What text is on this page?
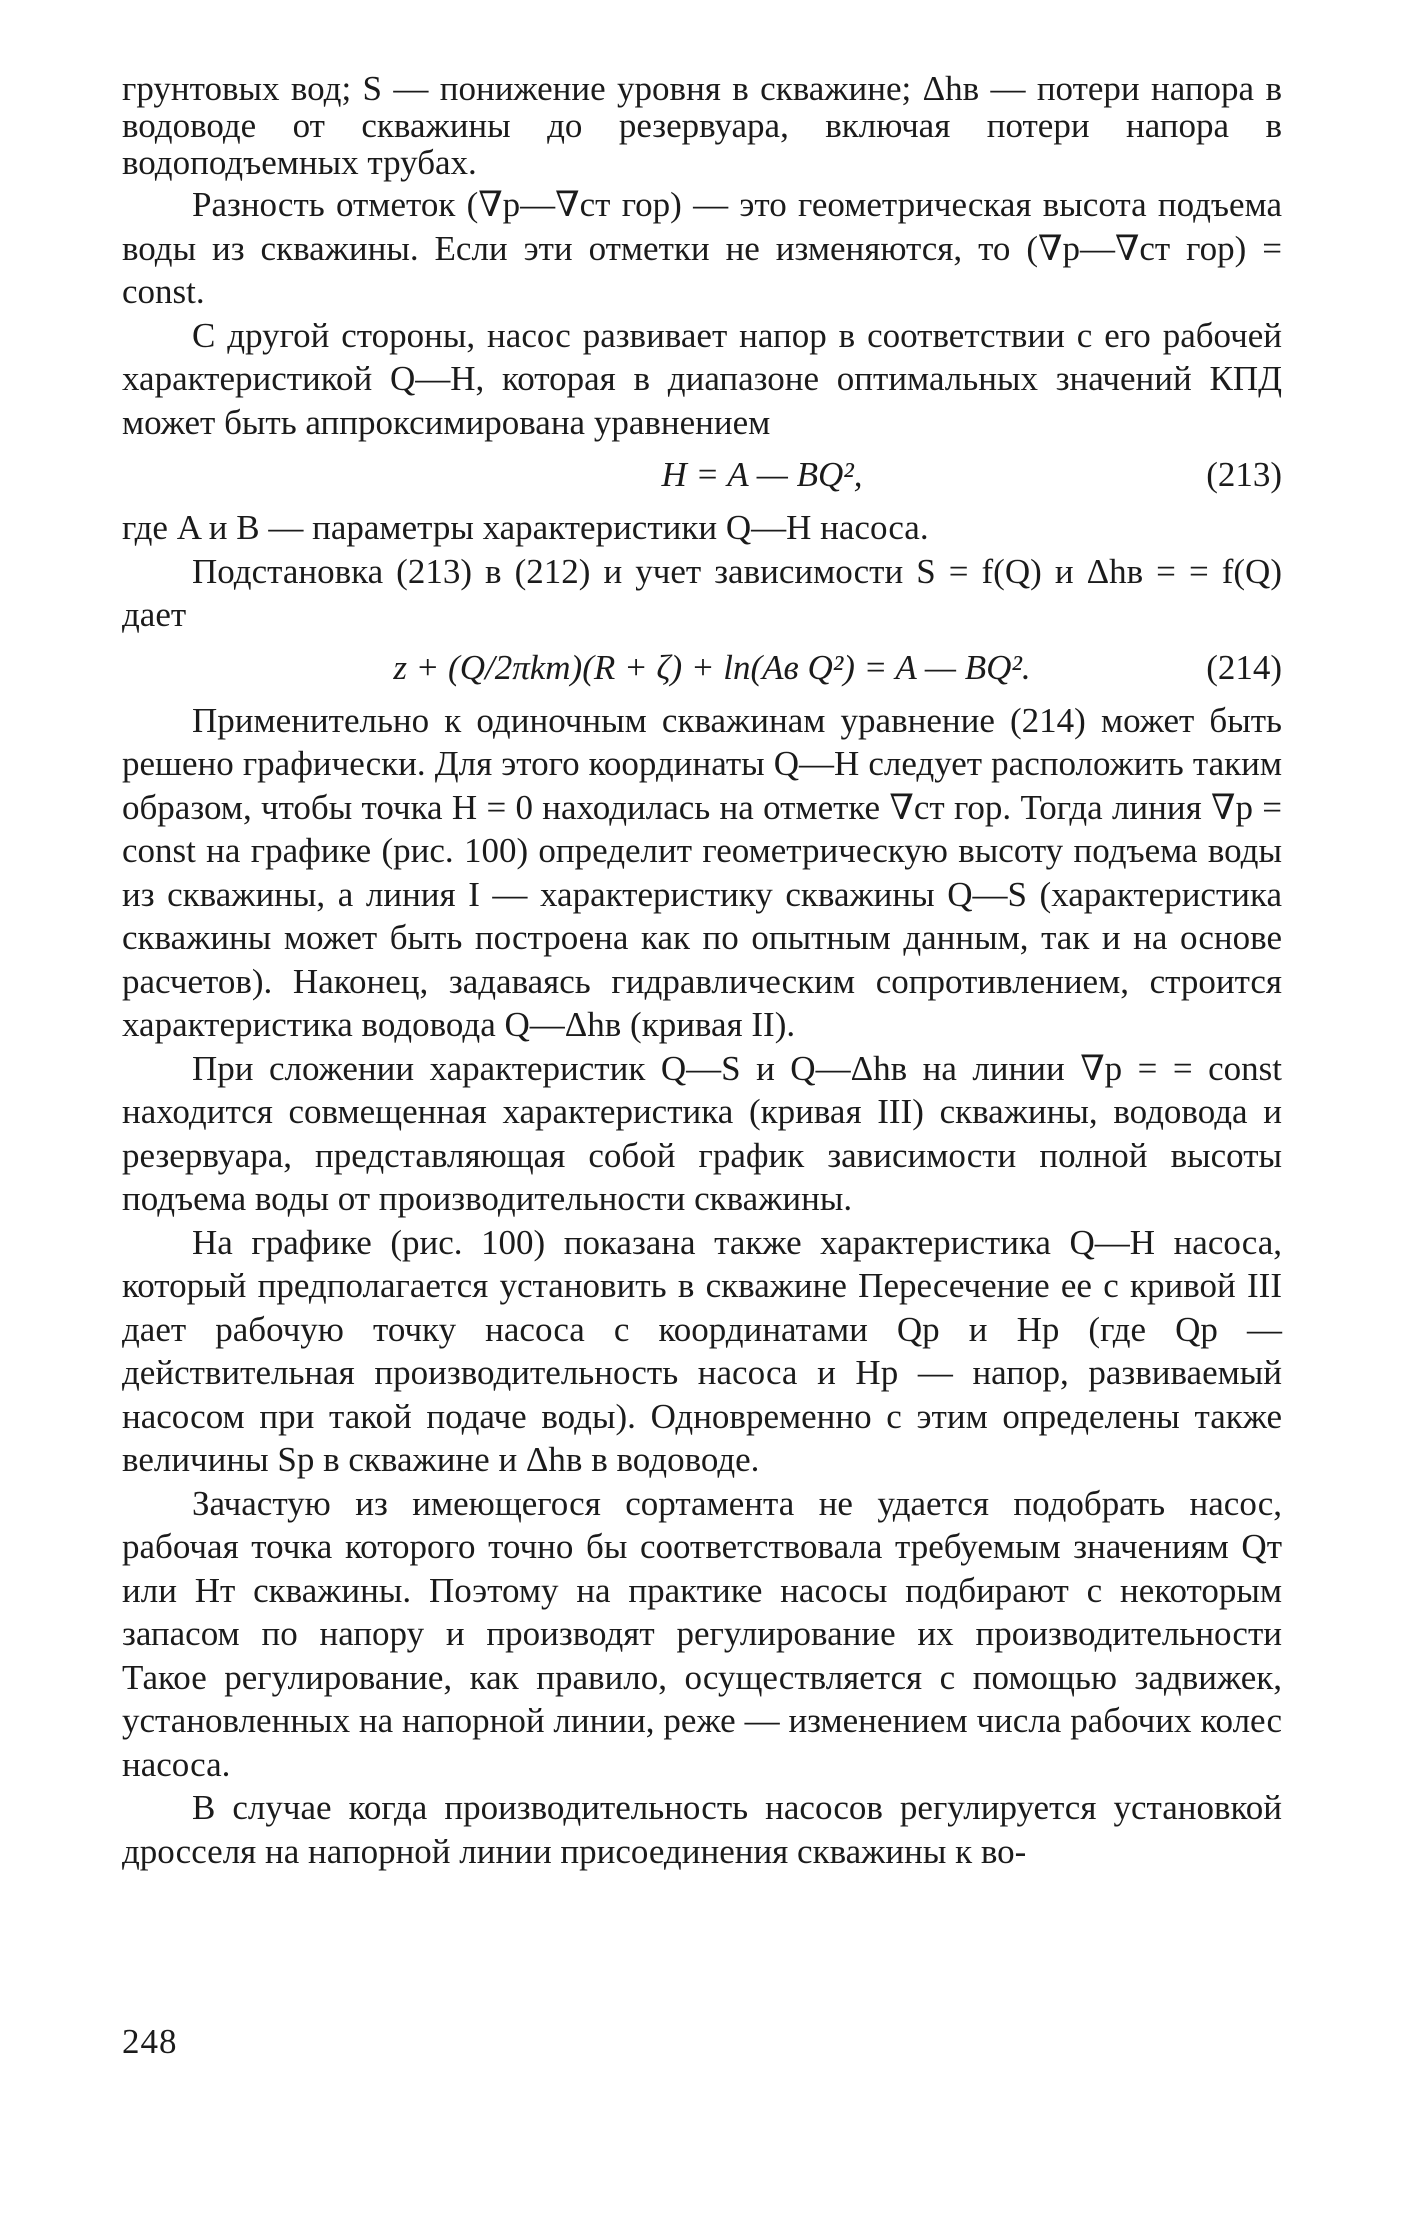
грунтовых вод; S — понижение уровня в скважине; Δhв — потери напора в водоводе от скважины до резервуара, включая потери напора в водоподъемных трубах.

Разность отметок (∇р—∇ст гор) — это геометрическая высота подъема воды из скважины. Если эти отметки не изменяются, то (∇р—∇ст гор) = const.

С другой стороны, насос развивает напор в соответствии с его рабочей характеристикой Q—H, которая в диапазоне оптимальных значений КПД может быть аппроксимирована уравнением

H = A — BQ²,	(213)

где A и B — параметры характеристики Q—H насоса.

Подстановка (213) в (212) и учет зависимости S = f(Q) и Δhв = = f(Q) дает

z + (Q/2πkm)(R + ζ) + ln(Aв Q²) = A — BQ².	(214)

Применительно к одиночным скважинам уравнение (214) может быть решено графически. Для этого координаты Q—H следует расположить таким образом, чтобы точка H = 0 находилась на отметке ∇ст гор. Тогда линия ∇p = const на графике (рис. 100) определит геометрическую высоту подъема воды из скважины, а линия I — характеристику скважины Q—S (характеристика скважины может быть построена как по опытным данным, так и на основе расчетов). Наконец, задаваясь гидравлическим сопротивлением, строится характеристика водовода Q—Δhв (кривая II).

При сложении характеристик Q—S и Q—Δhв на линии ∇p = = const находится совмещенная характеристика (кривая III) скважины, водовода и резервуара, представляющая собой график зависимости полной высоты подъема воды от производительности скважины.

На графике (рис. 100) показана также характеристика Q—H насоса, который предполагается установить в скважине Пересечение ее с кривой III дает рабочую точку насоса с координатами Qр и Hр (где Qр — действительная производительность насоса и Hр — напор, развиваемый насосом при такой подаче воды). Одновременно с этим определены также величины Sр в скважине и Δhв в водоводе.

Зачастую из имеющегося сортамента не удается подобрать насос, рабочая точка которого точно бы соответствовала требуемым значениям Qт или Hт скважины. Поэтому на практике насосы подбирают с некоторым запасом по напору и производят регулирование их производительности Такое регулирование, как правило, осуществляется с помощью задвижек, установленных на напорной линии, реже — изменением числа рабочих колес насоса.

В случае когда производительность насосов регулируется установкой дросселя на напорной линии присоединения скважины к во-

248
